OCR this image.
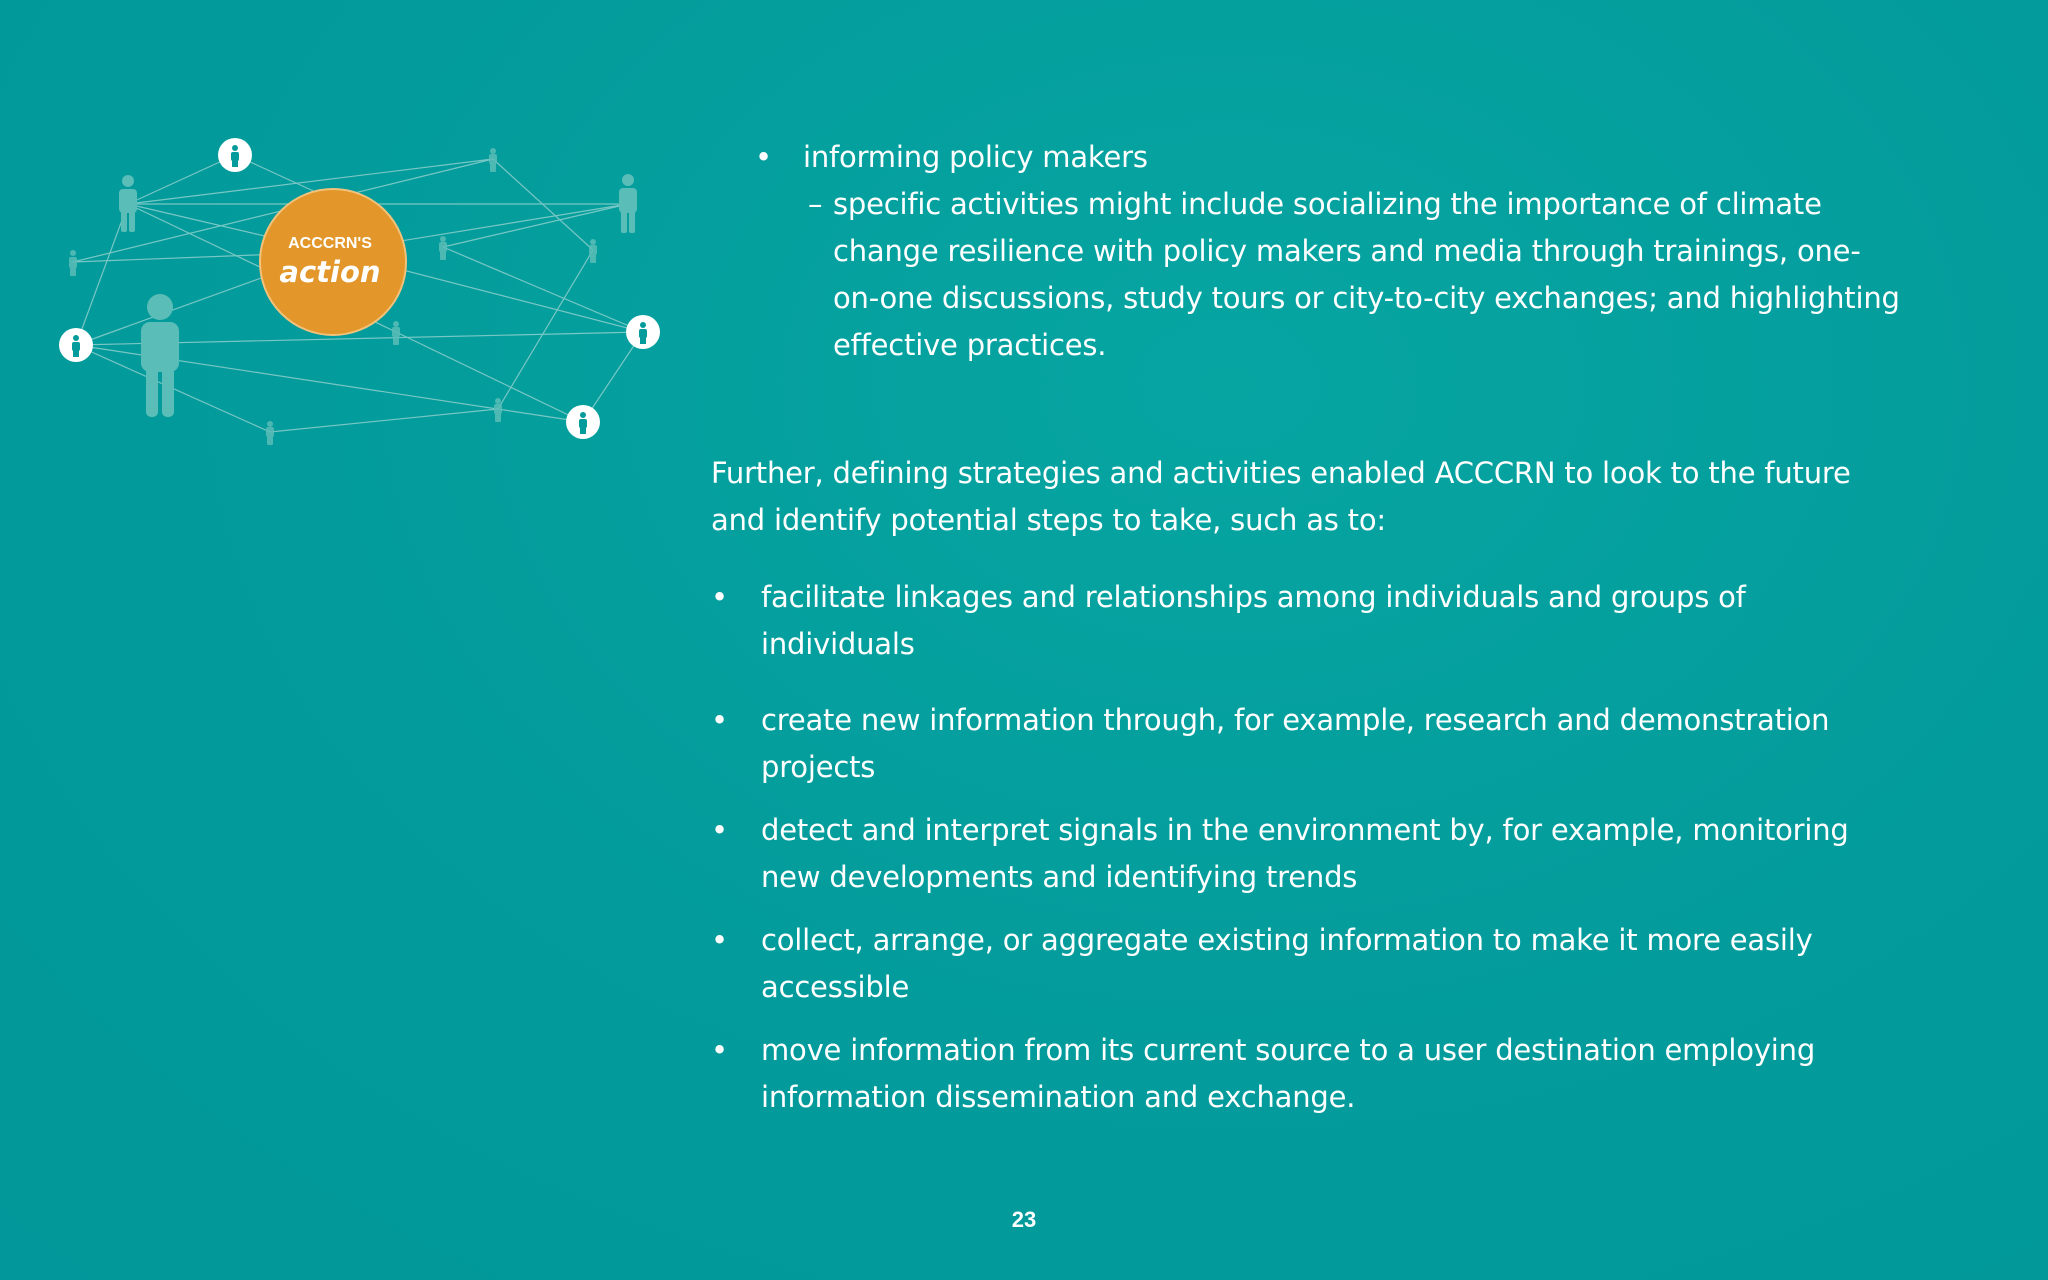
ACCCRN'S
action
• informing policy makers
– specific activities might include socializing the importance of climate change resilience with policy makers and media through trainings, one-on-one discussions, study tours or city-to-city exchanges; and highlighting effective practices.

Further, defining strategies and activities enabled ACCCRN to look to the future and identify potential steps to take, such as to:

• facilitate linkages and relationships among individuals and groups of individuals
• create new information through, for example, research and demonstration projects
• detect and interpret signals in the environment by, for example, monitoring new developments and identifying trends
• collect, arrange, or aggregate existing information to make it more easily accessible
• move information from its current source to a user destination employing information dissemination and exchange.
23
